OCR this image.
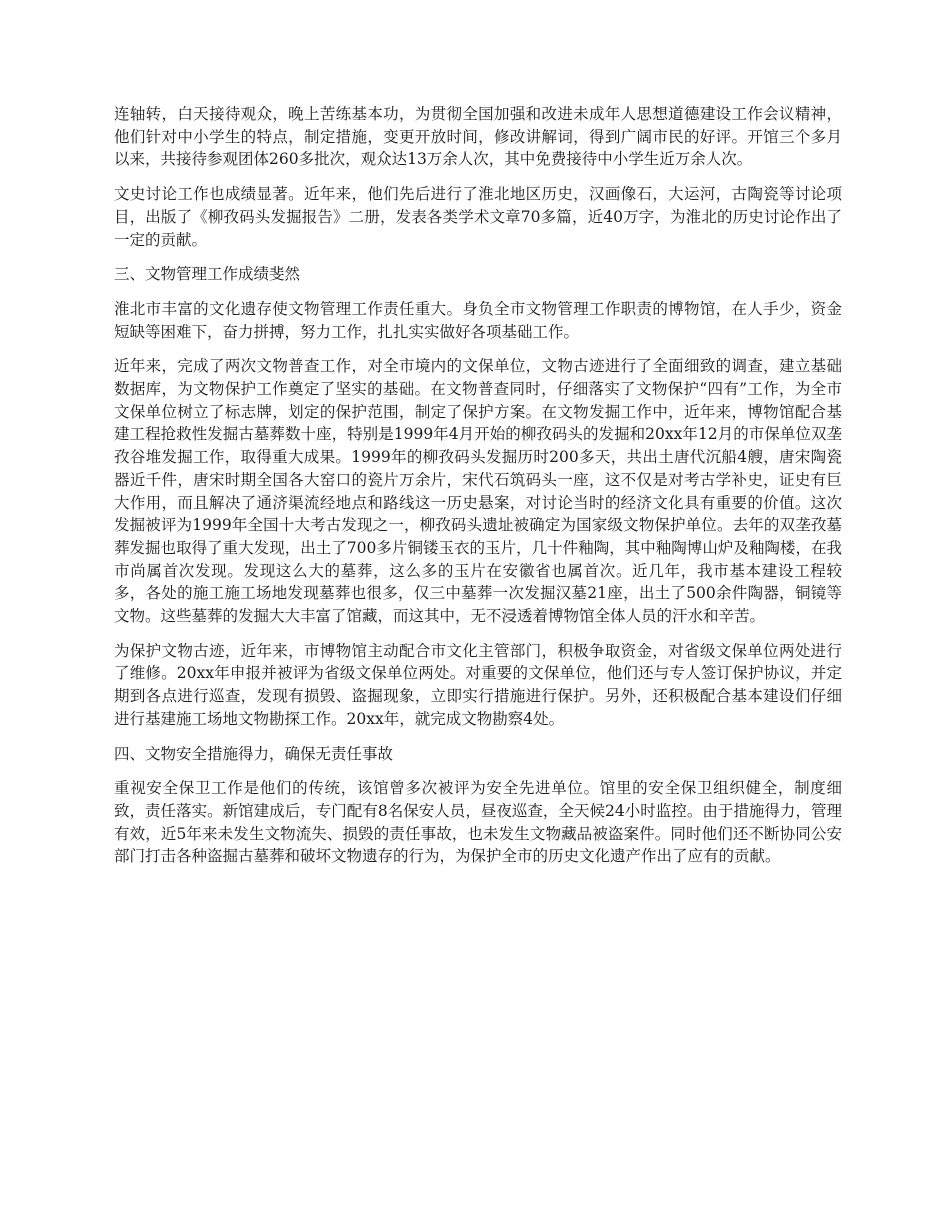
连轴转，白天接待观众，晚上苦练基本功，为贯彻全国加强和改进未成年人思想道德建设工作会议精神，他们针对中小学生的特点，制定措施，变更开放时间，修改讲解词，得到广阔市民的好评。开馆三个多月以来，共接待参观团体260多批次，观众达13万余人次，其中免费接待中小学生近万余人次。

文史讨论工作也成绩显著。近年来，他们先后进行了淮北地区历史，汉画像石，大运河，古陶瓷等讨论项目，出版了《柳孜码头发掘报告》二册，发表各类学术文章70多篇，近40万字，为淮北的历史讨论作出了一定的贡献。

三、文物管理工作成绩斐然

淮北市丰富的文化遗存使文物管理工作责任重大。身负全市文物管理工作职责的博物馆，在人手少，资金短缺等困难下，奋力拼搏，努力工作，扎扎实实做好各项基础工作。

近年来，完成了两次文物普查工作，对全市境内的文保单位，文物古迹进行了全面细致的调查，建立基础数据库，为文物保护工作奠定了坚实的基础。在文物普查同时，仔细落实了文物保护“四有”工作，为全市文保单位树立了标志牌，划定的保护范围，制定了保护方案。在文物发掘工作中，近年来，博物馆配合基建工程抢救性发掘古墓葬数十座，特别是1999年4月开始的柳孜码头的发掘和20xx年12月的市保单位双垄孜谷堆发掘工作，取得重大成果。1999年的柳孜码头发掘历时200多天，共出土唐代沉船4艘，唐宋陶瓷器近千件，唐宋时期全国各大窑口的瓷片万余片，宋代石筑码头一座，这不仅是对考古学补史，证史有巨大作用，而且解决了通济渠流经地点和路线这一历史悬案，对讨论当时的经济文化具有重要的价值。这次发掘被评为1999年全国十大考古发现之一，柳孜码头遗址被确定为国家级文物保护单位。去年的双垄孜墓葬发掘也取得了重大发现，出土了700多片铜镂玉衣的玉片，几十件釉陶，其中釉陶博山炉及釉陶楼，在我市尚属首次发现。发现这么大的墓葬，这么多的玉片在安徽省也属首次。近几年，我市基本建设工程较多，各处的施工施工场地发现墓葬也很多，仅三中墓葬一次发掘汉墓21座，出土了500余件陶器，铜镜等文物。这些墓葬的发掘大大丰富了馆藏，而这其中，无不浸透着博物馆全体人员的汗水和辛苦。

为保护文物古迹，近年来，市博物馆主动配合市文化主管部门，积极争取资金，对省级文保单位两处进行了维修。20xx年申报并被评为省级文保单位两处。对重要的文保单位，他们还与专人签订保护协议，并定期到各点进行巡查，发现有损毁、盗掘现象，立即实行措施进行保护。另外，还积极配合基本建设们仔细进行基建施工场地文物勘探工作。20xx年，就完成文物勘察4处。

四、文物安全措施得力，确保无责任事故

重视安全保卫工作是他们的传统，该馆曾多次被评为安全先进单位。馆里的安全保卫组织健全，制度细致，责任落实。新馆建成后，专门配有8名保安人员，昼夜巡查，全天候24小时监控。由于措施得力，管理有效，近5年来未发生文物流失、损毁的责任事故，也未发生文物藏品被盗案件。同时他们还不断协同公安部门打击各种盗掘古墓葬和破坏文物遗存的行为，为保护全市的历史文化遗产作出了应有的贡献。
